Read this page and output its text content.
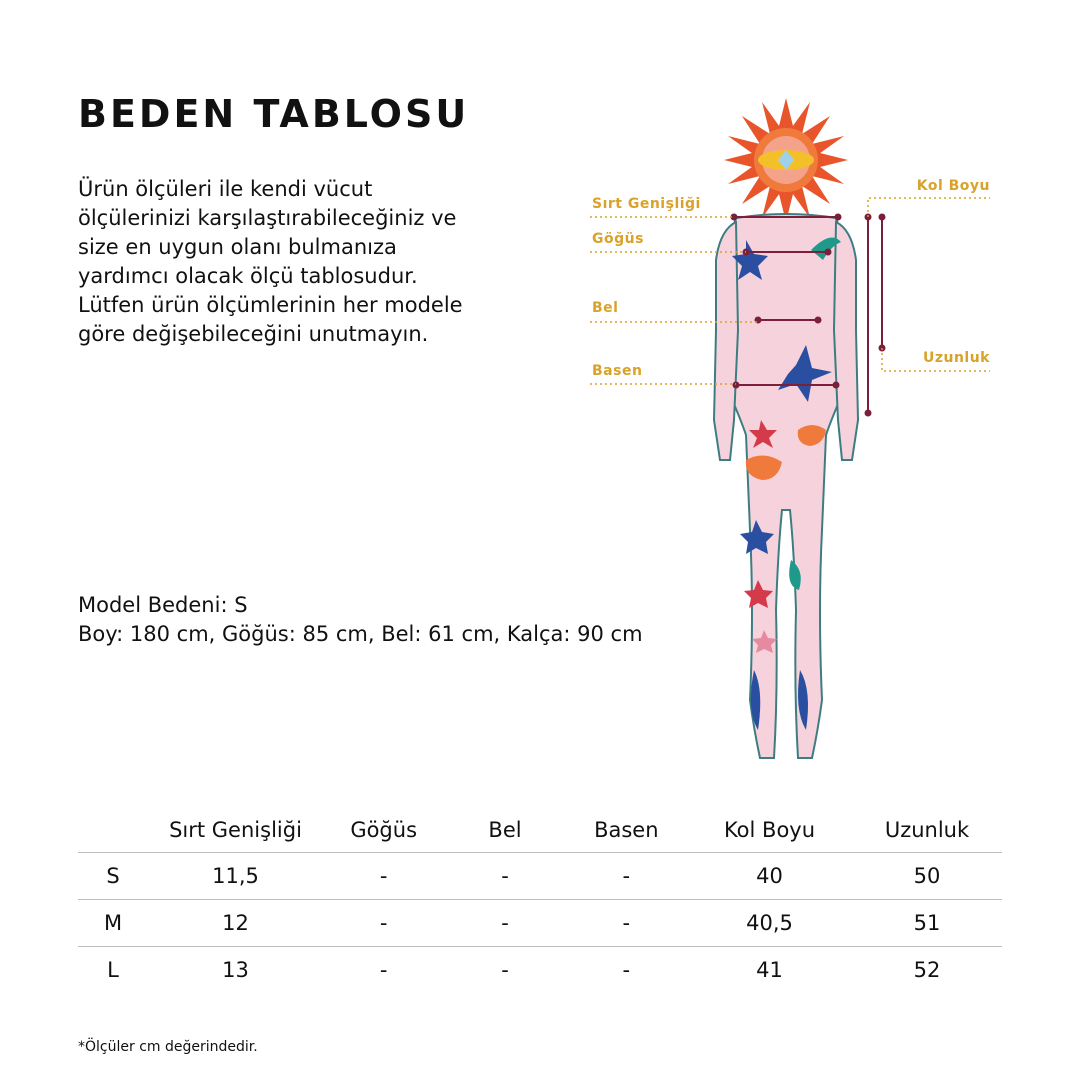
BEDEN TABLOSU

Ürün ölçüleri ile kendi vücut ölçülerinizi karşılaştırabileceğiniz ve size en uygun olanı bulmanıza yardımcı olacak ölçü tablosudur. Lütfen ürün ölçümlerinin her modele göre değişebileceğini unutmayın.

Model Bedeni: S
Boy: 180 cm, Göğüs: 85 cm, Bel: 61 cm, Kalça: 90 cm
Sırt Genişliği
Göğüs
Bel
Basen
Kol Boyu
Uzunluk
	Sırt Genişliği	Göğüs	Bel	Basen	Kol Boyu	Uzunluk
S	11,5	-	-	-	40	50
M	12	-	-	-	40,5	51
L	13	-	-	-	41	52
*Ölçüler cm değerindedir.
